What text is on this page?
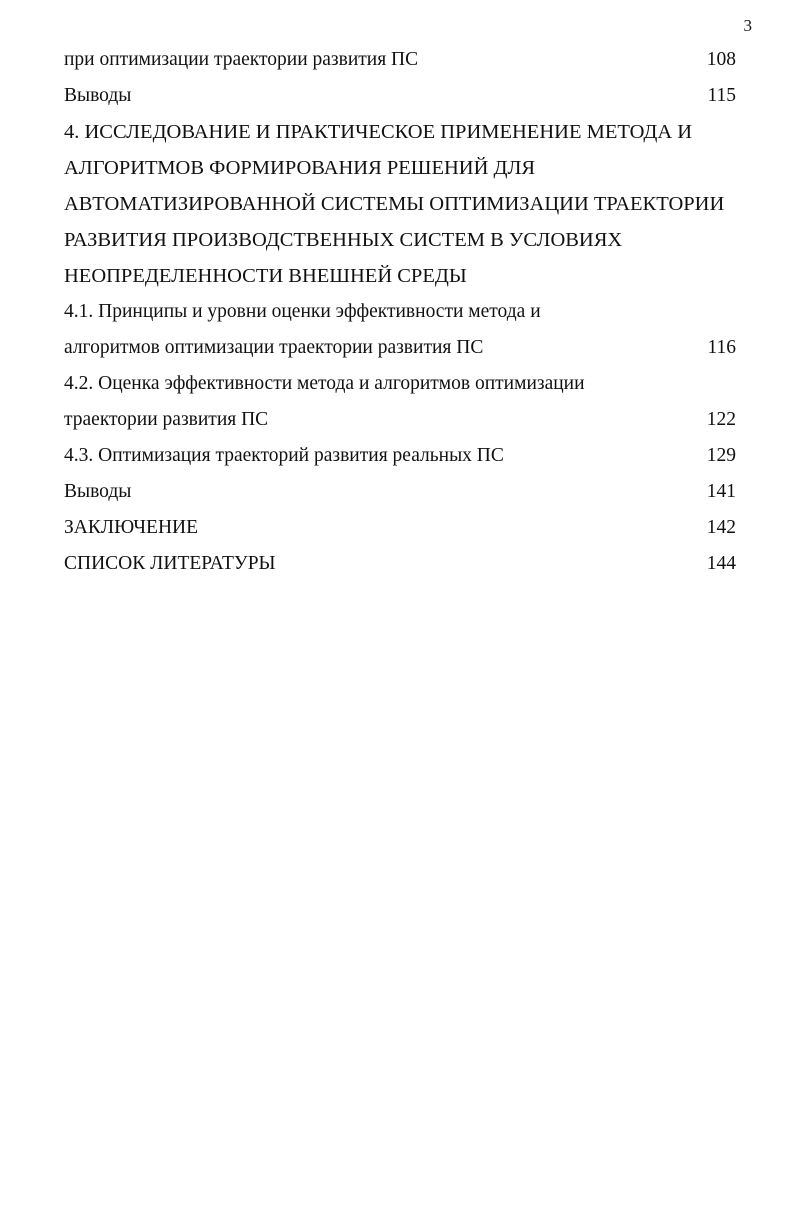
3
при оптимизации траектории развития ПС	108
Выводы	115
4. ИССЛЕДОВАНИЕ И ПРАКТИЧЕСКОЕ ПРИМЕНЕНИЕ МЕТОДА И
АЛГОРИТМОВ ФОРМИРОВАНИЯ РЕШЕНИЙ ДЛЯ
АВТОМАТИЗИРОВАННОЙ СИСТЕМЫ ОПТИМИЗАЦИИ ТРАЕКТОРИИ
РАЗВИТИЯ ПРОИЗВОДСТВЕННЫХ СИСТЕМ В УСЛОВИЯХ
НЕОПРЕДЕЛЕННОСТИ ВНЕШНЕЙ СРЕДЫ
4.1. Принципы и уровни оценки эффективности метода и
алгоритмов оптимизации траектории развития ПС	116
4.2. Оценка эффективности метода и алгоритмов оптимизации
траектории развития ПС	122
4.3. Оптимизация траекторий развития реальных ПС	129
Выводы	141
ЗАКЛЮЧЕНИЕ	142
СПИСОК ЛИТЕРАТУРЫ	144
